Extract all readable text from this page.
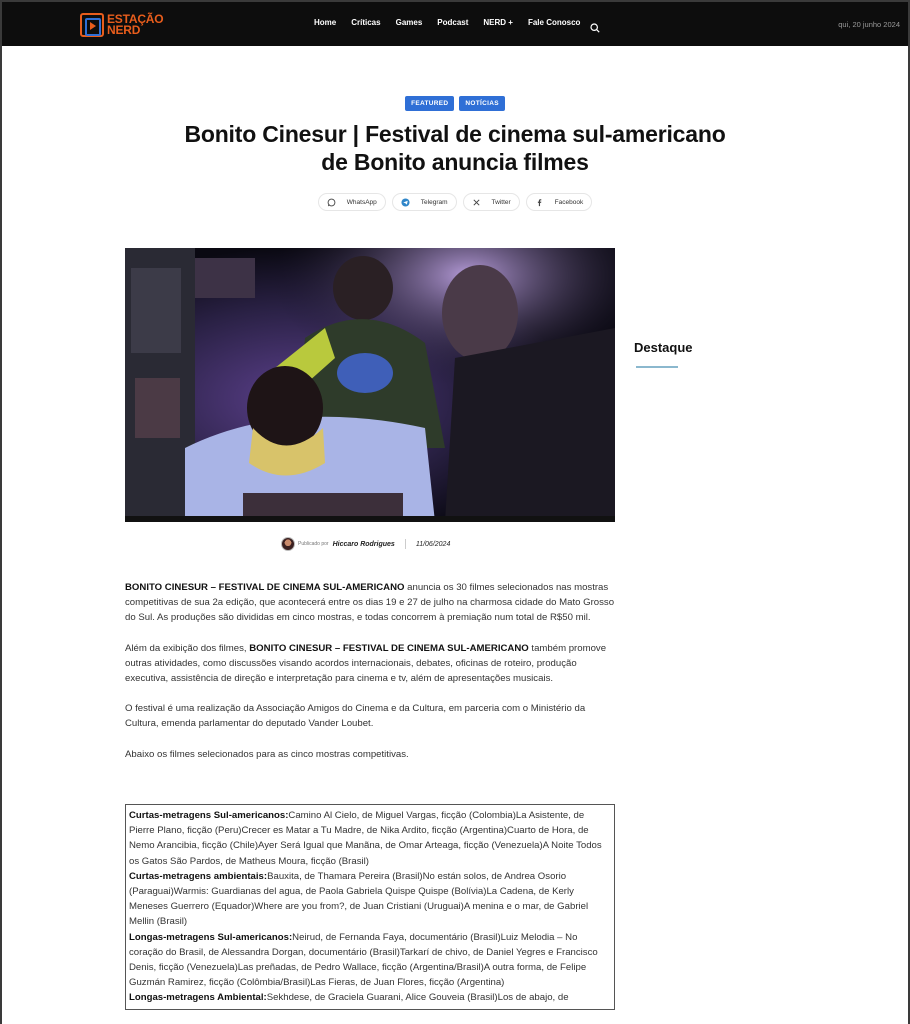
ESTAÇÃO
NERD
Home Críticas Games Podcast NERD + Fale Conosco	qui, 20 junho 2024
FEATURED	NOTÍCIAS
Bonito Cinesur | Festival de cinema sul-americano de Bonito anuncia filmes
WhatsApp	Telegram	Twitter	Facebook
Publicado por Hiccaro Rodrigues	11/06/2024
Destaque

BONITO CINESUR – FESTIVAL DE CINEMA SUL-AMERICANO anuncia os 30 filmes selecionados nas mostras competitivas de sua 2a edição, que acontecerá entre os dias 19 e 27 de julho na charmosa cidade do Mato Grosso do Sul. As produções são divididas em cinco mostras, e todas concorrem à premiação num total de R$50 mil.

Além da exibição dos filmes, BONITO CINESUR – FESTIVAL DE CINEMA SUL-AMERICANO também promove outras atividades, como discussões visando acordos internacionais, debates, oficinas de roteiro, produção executiva, assistência de direção e interpretação para cinema e tv, além de apresentações musicais.

O festival é uma realização da Associação Amigos do Cinema e da Cultura, em parceria com o Ministério da Cultura, emenda parlamentar do deputado Vander Loubet.

Abaixo os filmes selecionados para as cinco mostras competitivas.

Curtas-metragens Sul-americanos:Camino Al Cielo, de Miguel Vargas, ficção (Colombia)La Asistente, de Pierre Plano, ficção (Peru)Crecer es Matar a Tu Madre, de Nika Ardito, ficção (Argentina)Cuarto de Hora, de Nemo Arancibia, ficção (Chile)Ayer Será Igual que Manãna, de Omar Arteaga, ficção (Venezuela)A Noite Todos os Gatos São Pardos, de Matheus Moura, ficção (Brasil)
Curtas-metragens ambientais:Bauxita, de Thamara Pereira (Brasil)No están solos, de Andrea Osorio (Paraguai)Warmis: Guardianas del agua, de Paola Gabriela Quispe Quispe (Bolívia)La Cadena, de Kerly Meneses Guerrero (Equador)Where are you from?, de Juan Cristiani (Uruguai)A menina e o mar, de Gabriel Mellin (Brasil)
Longas-metragens Sul-americanos:Neirud, de Fernanda Faya, documentário (Brasil)Luiz Melodia – No coração do Brasil, de Alessandra Dorgan, documentário (Brasil)Tarkarí de chivo, de Daniel Yegres e Francisco Denis, ficção (Venezuela)Las preñadas, de Pedro Wallace, ficção (Argentina/Brasil)A outra forma, de Felipe Guzmán Ramirez, ficção (Colômbia/Brasil)Las Fieras, de Juan Flores, ficção (Argentina)
Longas-metragens Ambiental:Sekhdese, de Graciela Guarani, Alice Gouveia (Brasil)Los de abajo, de
